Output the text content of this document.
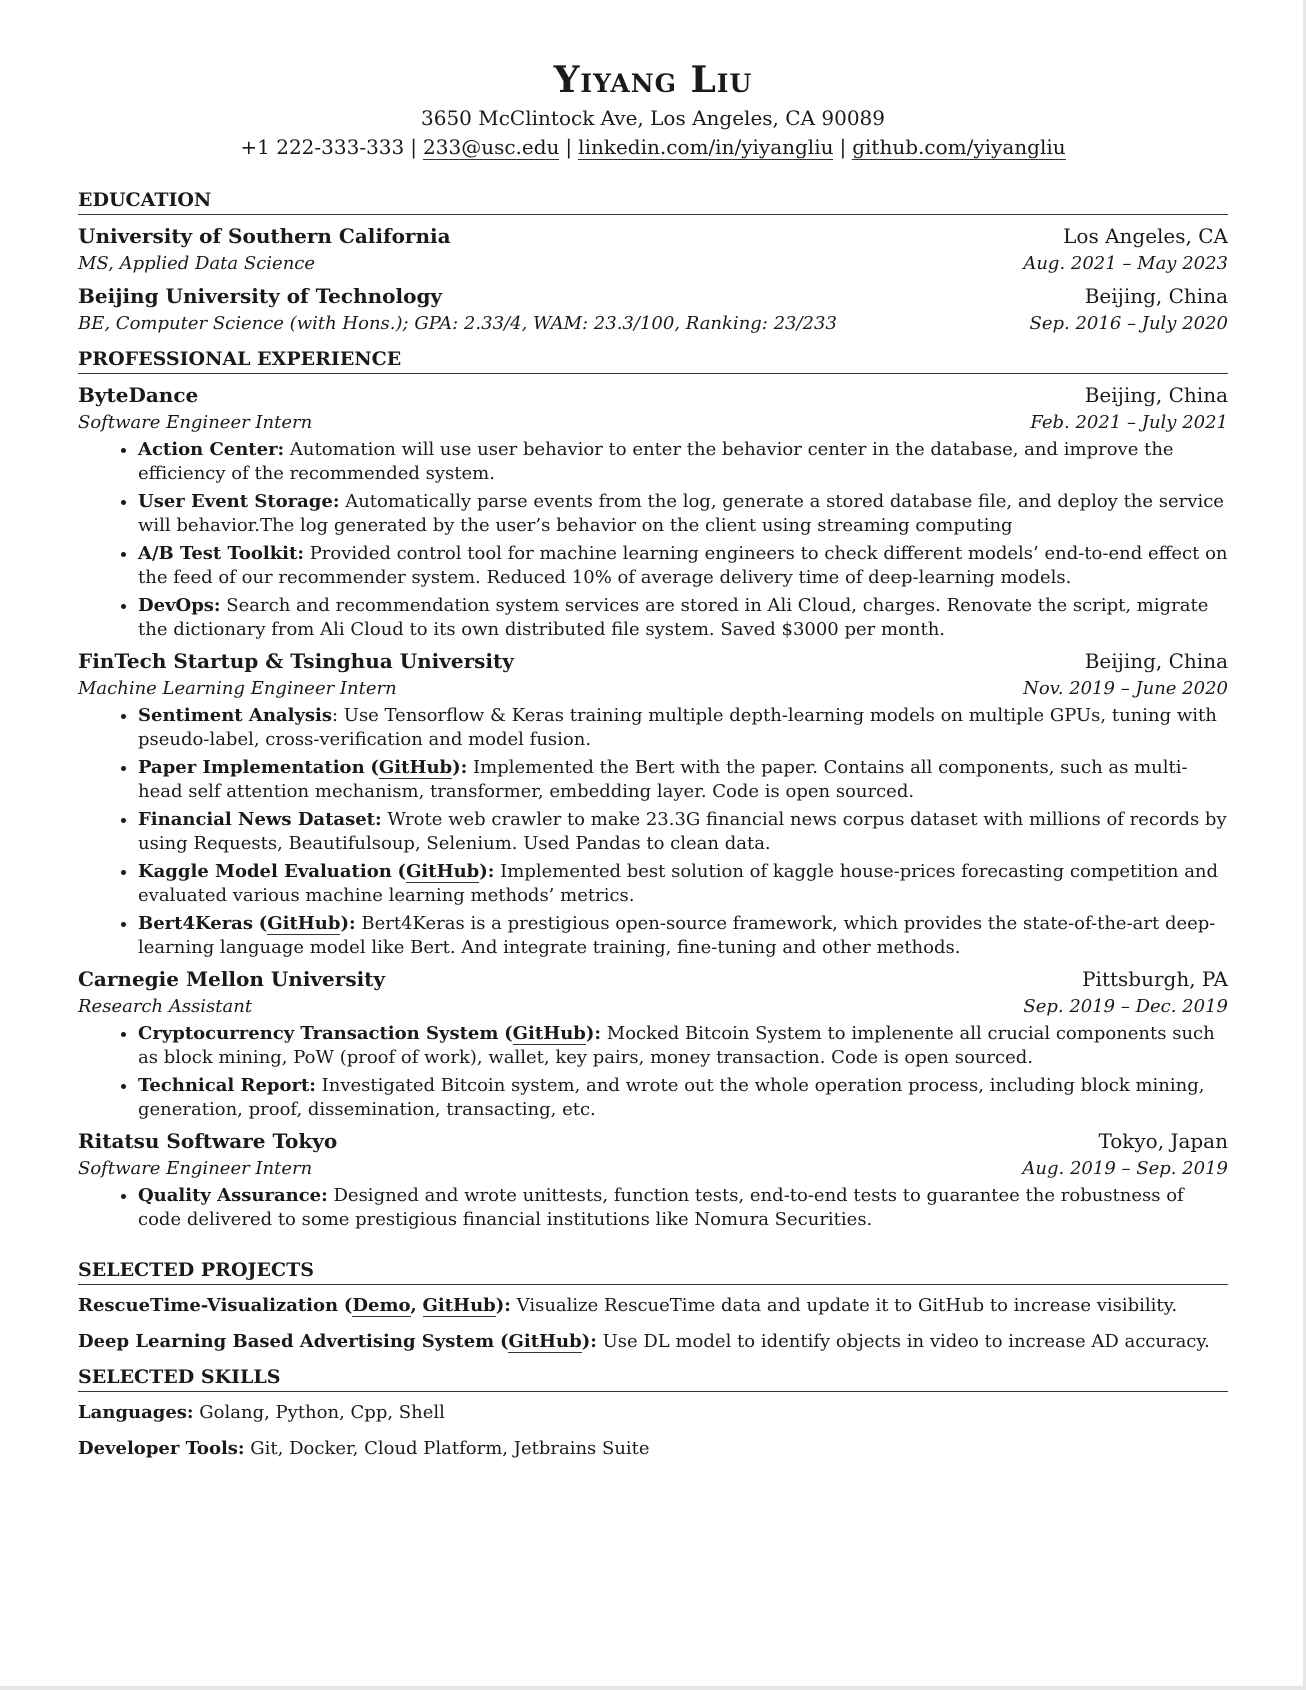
Yiyang Liu
3650 McClintock Ave, Los Angeles, CA 90089
+1 222-333-333 | 233@usc.edu | linkedin.com/in/yiyangliu | github.com/yiyangliu
EDUCATION
University of Southern California	Los Angeles, CA
MS, Applied Data Science	Aug. 2021 – May 2023
Beijing University of Technology	Beijing, China
BE, Computer Science (with Hons.); GPA: 2.33/4, WAM: 23.3/100, Ranking: 23/233	Sep. 2016 – July 2020
PROFESSIONAL EXPERIENCE
ByteDance	Beijing, China
Software Engineer Intern	Feb. 2021 – July 2021
• Action Center: Automation will use user behavior to enter the behavior center in the database, and improve the efficiency of the recommended system.
• User Event Storage: Automatically parse events from the log, generate a stored database file, and deploy the service will behavior.The log generated by the user’s behavior on the client using streaming computing
• A/B Test Toolkit: Provided control tool for machine learning engineers to check different models’ end-to-end effect on the feed of our recommender system. Reduced 10% of average delivery time of deep-learning models.
• DevOps: Search and recommendation system services are stored in Ali Cloud, charges. Renovate the script, migrate the dictionary from Ali Cloud to its own distributed file system. Saved $3000 per month.
FinTech Startup & Tsinghua University	Beijing, China
Machine Learning Engineer Intern	Nov. 2019 – June 2020
• Sentiment Analysis: Use Tensorflow & Keras training multiple depth-learning models on multiple GPUs, tuning with pseudo-label, cross-verification and model fusion.
• Paper Implementation (GitHub): Implemented the Bert with the paper. Contains all components, such as multi-head self attention mechanism, transformer, embedding layer. Code is open sourced.
• Financial News Dataset: Wrote web crawler to make 23.3G financial news corpus dataset with millions of records by using Requests, Beautifulsoup, Selenium. Used Pandas to clean data.
• Kaggle Model Evaluation (GitHub): Implemented best solution of kaggle house-prices forecasting competition and evaluated various machine learning methods’ metrics.
• Bert4Keras (GitHub): Bert4Keras is a prestigious open-source framework, which provides the state-of-the-art deep-learning language model like Bert. And integrate training, fine-tuning and other methods.
Carnegie Mellon University	Pittsburgh, PA
Research Assistant	Sep. 2019 – Dec. 2019
• Cryptocurrency Transaction System (GitHub): Mocked Bitcoin System to implenente all crucial components such as block mining, PoW (proof of work), wallet, key pairs, money transaction. Code is open sourced.
• Technical Report: Investigated Bitcoin system, and wrote out the whole operation process, including block mining, generation, proof, dissemination, transacting, etc.
Ritatsu Software Tokyo	Tokyo, Japan
Software Engineer Intern	Aug. 2019 – Sep. 2019
• Quality Assurance: Designed and wrote unittests, function tests, end-to-end tests to guarantee the robustness of code delivered to some prestigious financial institutions like Nomura Securities.
SELECTED PROJECTS
RescueTime-Visualization (Demo, GitHub): Visualize RescueTime data and update it to GitHub to increase visibility.
Deep Learning Based Advertising System (GitHub): Use DL model to identify objects in video to increase AD accuracy.
SELECTED SKILLS
Languages: Golang, Python, Cpp, Shell
Developer Tools: Git, Docker, Cloud Platform, Jetbrains Suite
